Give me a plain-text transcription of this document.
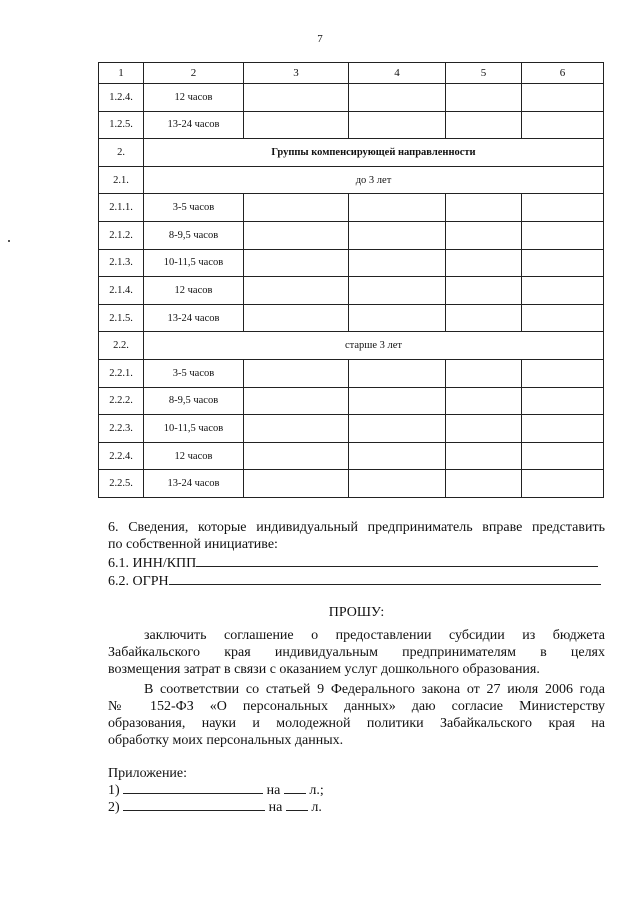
7
1	2	3	4	5	6
1.2.4.	12 часов				
1.2.5.	13-24 часов				
2.	Группы компенсирующей направленности				
2.1.	до 3 лет				
2.1.1.	3-5 часов				
2.1.2.	8-9,5 часов				
2.1.3.	10-11,5 часов				
2.1.4.	12 часов				
2.1.5.	13-24 часов				
2.2.	старше 3 лет				
2.2.1.	3-5 часов				
2.2.2.	8-9,5 часов				
2.2.3.	10-11,5 часов				
2.2.4.	12 часов				
2.2.5.	13-24 часов				
6. Сведения, которые индивидуальный предприниматель вправе представить
по собственной инициативе:
6.1. ИНН/КПП
6.2. ОГРН
ПРОШУ:
заключить соглашение о предоставлении субсидии из бюджета
Забайкальского края индивидуальным предпринимателям в целях
возмещения затрат в связи с оказанием услуг дошкольного образования.
В соответствии со статьей 9 Федерального закона от 27 июля 2006 года
№ 152-ФЗ «О персональных данных» даю согласие Министерству
образования, науки и молодежной политики Забайкальского края на
обработку моих персональных данных.
Приложение:
1)	на л.;
2)	на л.
